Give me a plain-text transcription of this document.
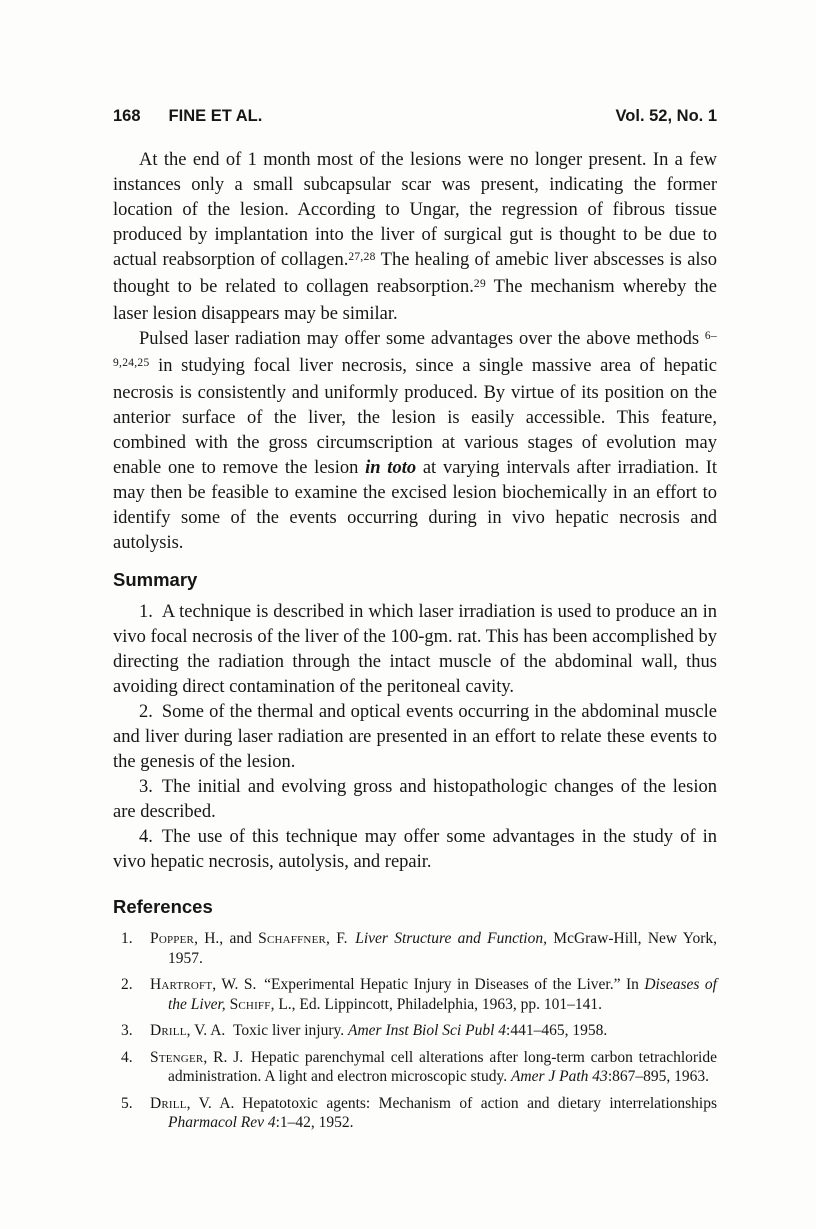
168 FINE ET AL.	Vol. 52, No. 1

At the end of 1 month most of the lesions were no longer present. In a few instances only a small subcapsular scar was present, indicating the former location of the lesion. According to Ungar, the regression of fibrous tissue produced by implantation into the liver of surgical gut is thought to be due to actual reabsorption of collagen.$^{27,28}$ The healing of amebic liver abscesses is also thought to be related to collagen reabsorption.$^{29}$ The mechanism whereby the laser lesion disappears may be similar.

Pulsed laser radiation may offer some advantages over the above methods $^{6-9,24,25}$ in studying focal liver necrosis, since a single massive area of hepatic necrosis is consistently and uniformly produced. By virtue of its position on the anterior surface of the liver, the lesion is easily accessible. This feature, combined with the gross circumscription at various stages of evolution may enable one to remove the lesion in toto at varying intervals after irradiation. It may then be feasible to examine the excised lesion biochemically in an effort to identify some of the events occurring during in vivo hepatic necrosis and autolysis.

Summary

1. A technique is described in which laser irradiation is used to produce an in vivo focal necrosis of the liver of the 100-gm. rat. This has been accomplished by directing the radiation through the intact muscle of the abdominal wall, thus avoiding direct contamination of the peritoneal cavity.

2. Some of the thermal and optical events occurring in the abdominal muscle and liver during laser radiation are presented in an effort to relate these events to the genesis of the lesion.

3. The initial and evolving gross and histopathologic changes of the lesion are described.

4. The use of this technique may offer some advantages in the study of in vivo hepatic necrosis, autolysis, and repair.

References
1.	Popper, H., and Schaffner, F. Liver Structure and Function, McGraw-Hill, New York, 1957.
2.	Hartroft, W. S. “Experimental Hepatic Injury in Diseases of the Liver.” In Diseases of the Liver, Schiff, L., Ed. Lippincott, Philadelphia, 1963, pp. 101–141.
3.	Drill, V. A. Toxic liver injury. Amer Inst Biol Sci Publ 4:441–465, 1958.
4.	Stenger, R. J. Hepatic parenchymal cell alterations after long-term carbon tetrachloride administration. A light and electron microscopic study. Amer J Path 43:867–895, 1963.
5.	Drill, V. A. Hepatotoxic agents: Mechanism of action and dietary interrelationships Pharmacol Rev 4:1–42, 1952.
